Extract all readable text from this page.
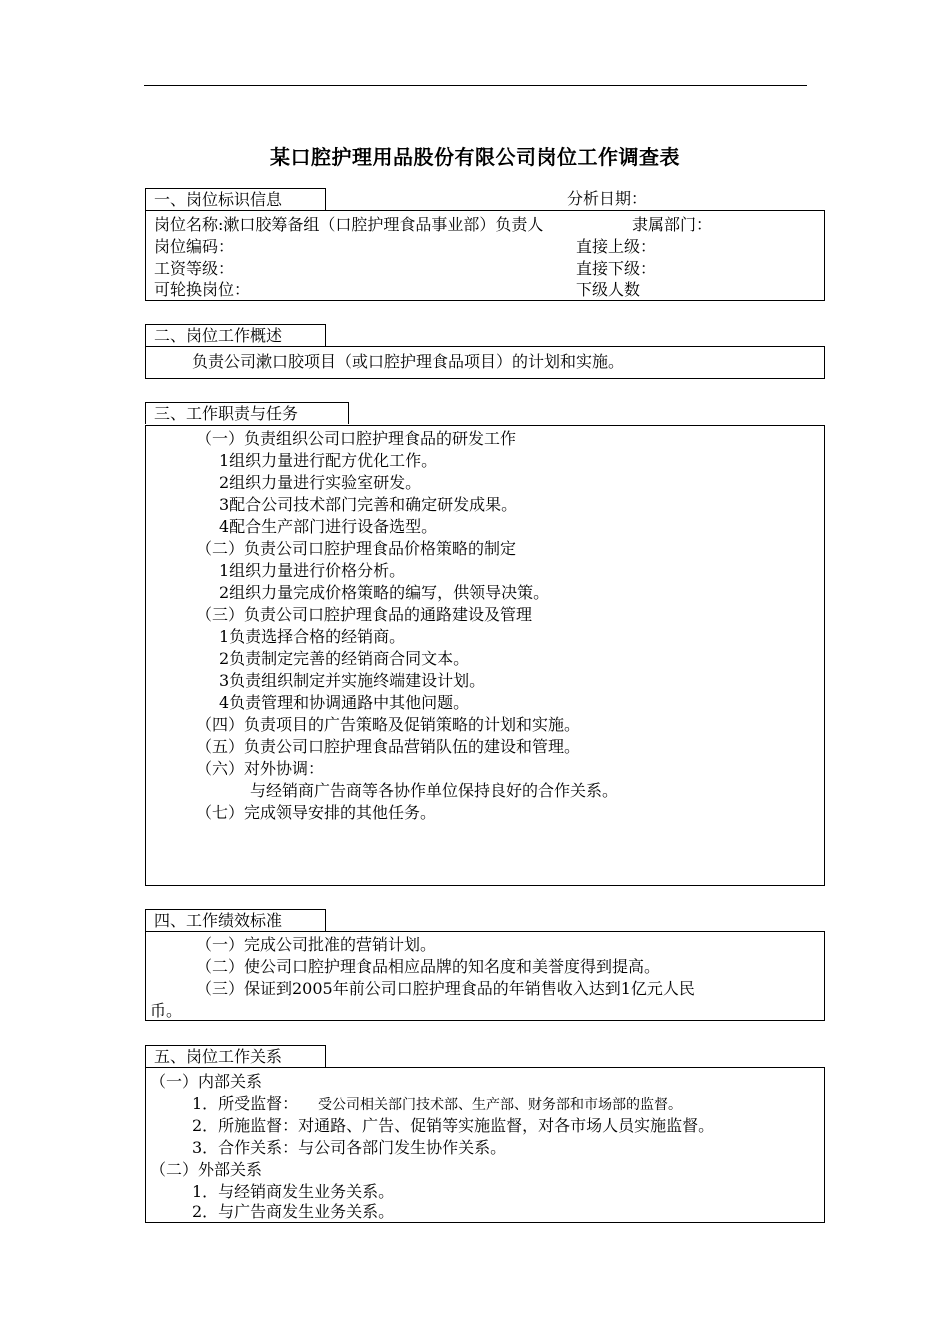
某口腔护理用品股份有限公司岗位工作调查表
一、岗位标识信息	分析日期：
岗位名称:漱口胶筹备组（口腔护理食品事业部）负责人	隶属部门：
岗位编码：	直接上级：
工资等级：	直接下级：
可轮换岗位：	下级人数
二、岗位工作概述
负责公司漱口胶项目（或口腔护理食品项目）的计划和实施。
三、工作职责与任务
（一）负责组织公司口腔护理食品的研发工作
1组织力量进行配方优化工作。
2组织力量进行实验室研发。
3配合公司技术部门完善和确定研发成果。
4配合生产部门进行设备选型。
（二）负责公司口腔护理食品价格策略的制定
1组织力量进行价格分析。
2组织力量完成价格策略的编写，供领导决策。
（三）负责公司口腔护理食品的通路建设及管理
1负责选择合格的经销商。
2负责制定完善的经销商合同文本。
3负责组织制定并实施终端建设计划。
4负责管理和协调通路中其他问题。
（四）负责项目的广告策略及促销策略的计划和实施。
（五）负责公司口腔护理食品营销队伍的建设和管理。
（六）对外协调：
与经销商广告商等各协作单位保持良好的合作关系。
（七）完成领导安排的其他任务。
四、工作绩效标准
（一）完成公司批准的营销计划。
（二）使公司口腔护理食品相应品牌的知名度和美誉度得到提高。
（三）保证到2005年前公司口腔护理食品的年销售收入达到1亿元人民
币。
五、岗位工作关系
（一）内部关系
1．所受监督： 受公司相关部门技术部、生产部、财务部和市场部的监督。
2．所施监督：对通路、广告、促销等实施监督，对各市场人员实施监督。
3．合作关系：与公司各部门发生协作关系。
（二）外部关系
1．与经销商发生业务关系。
2．与广告商发生业务关系。
